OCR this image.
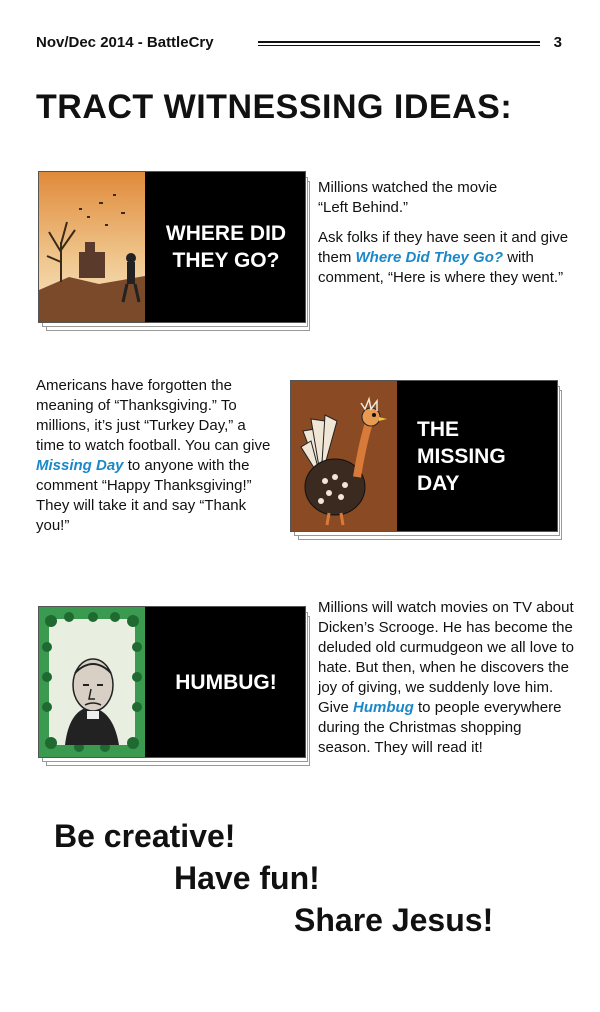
Nov/Dec 2014 - BattleCry	3
TRACT WITNESSING IDEAS:
WHERE DID
THEY GO?

Millions watched the movie
“Left Behind.”

Ask folks if they have seen it and give them Where Did They Go? with comment, “Here is where they went.”

Americans have forgotten the meaning of “Thanksgiving.” To millions, it’s just “Turkey Day,” a time to watch football. You can give Missing Day to anyone with the comment “Happy Thanksgiving!” They will take it and say “Thank you!”

THE
MISSING
DAY
HUMBUG!

Millions will watch movies on TV about Dicken’s Scrooge. He has become the deluded old curmudgeon we all love to hate. But then, when he discovers the joy of giving, we suddenly love him. Give Humbug to people everywhere during the Christmas shopping season. They will read it!

Be creative!
Have fun!
Share Jesus!
